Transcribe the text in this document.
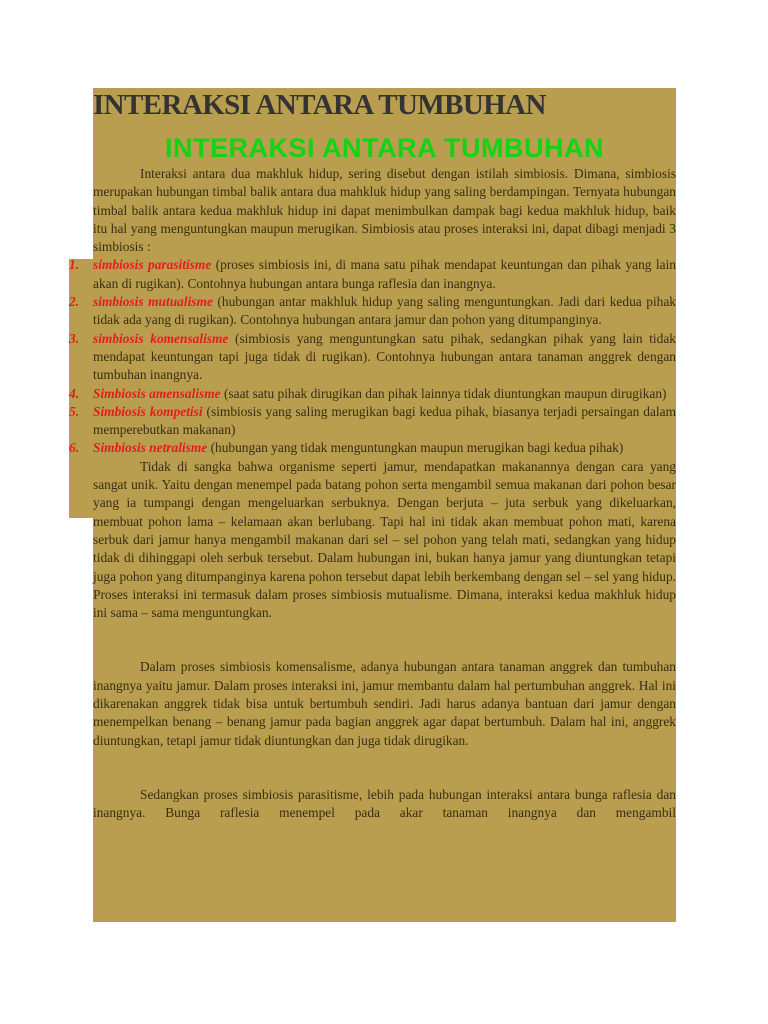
INTERAKSI ANTARA TUMBUHAN
INTERAKSI ANTARA TUMBUHAN

Interaksi antara dua makhluk hidup, sering disebut dengan istilah simbiosis. Dimana, simbiosis merupakan hubungan timbal balik antara dua mahkluk hidup yang saling berdampingan. Ternyata hubungan timbal balik antara kedua makhluk hidup ini dapat menimbulkan dampak bagi kedua makhluk hidup, baik itu hal yang menguntungkan maupun merugikan. Simbiosis atau proses interaksi ini, dapat dibagi menjadi 3 simbiosis :

1. simbiosis parasitisme (proses simbiosis ini, di mana satu pihak mendapat keuntungan dan pihak yang lain akan di rugikan). Contohnya hubungan antara bunga raflesia dan inangnya.
2. simbiosis mutualisme (hubungan antar makhluk hidup yang saling menguntungkan. Jadi dari kedua pihak tidak ada yang di rugikan). Contohnya hubungan antara jamur dan pohon yang ditumpanginya.
3. simbiosis komensalisme (simbiosis yang menguntungkan satu pihak, sedangkan pihak yang lain tidak mendapat keuntungan tapi juga tidak di rugikan). Contohnya hubungan antara tanaman anggrek dengan tumbuhan inangnya.
4. Simbiosis amensalisme (saat satu pihak dirugikan dan pihak lainnya tidak diuntungkan maupun dirugikan)
5. Simbiosis kompetisi (simbiosis yang saling merugikan bagi kedua pihak, biasanya terjadi persaingan dalam memperebutkan makanan)
6. Simbiosis netralisme (hubungan yang tidak menguntungkan maupun merugikan bagi kedua pihak)

Tidak di sangka bahwa organisme seperti jamur, mendapatkan makanannya dengan cara yang sangat unik. Yaitu dengan menempel pada batang pohon serta mengambil semua makanan dari pohon besar yang ia tumpangi dengan mengeluarkan serbuknya. Dengan berjuta – juta serbuk yang dikeluarkan, membuat pohon lama – kelamaan akan berlubang. Tapi hal ini tidak akan membuat pohon mati, karena serbuk dari jamur hanya mengambil makanan dari sel – sel pohon yang telah mati, sedangkan yang hidup tidak di dihinggapi oleh serbuk tersebut. Dalam hubungan ini, bukan hanya jamur yang diuntungkan tetapi juga pohon yang ditumpanginya karena pohon tersebut dapat lebih berkembang dengan sel – sel yang hidup. Proses interaksi ini termasuk dalam proses simbiosis mutualisme. Dimana, interaksi kedua makhluk hidup ini sama – sama menguntungkan.

Dalam proses simbiosis komensalisme, adanya hubungan antara tanaman anggrek dan tumbuhan inangnya yaitu jamur. Dalam proses interaksi ini, jamur membantu dalam hal pertumbuhan anggrek. Hal ini dikarenakan anggrek tidak bisa untuk bertumbuh sendiri. Jadi harus adanya bantuan dari jamur dengan menempelkan benang – benang jamur pada bagian anggrek agar dapat bertumbuh. Dalam hal ini, anggrek diuntungkan, tetapi jamur tidak diuntungkan dan juga tidak dirugikan.

Sedangkan proses simbiosis parasitisme, lebih pada hubungan interaksi antara bunga raflesia dan inangnya. Bunga raflesia menempel pada akar tanaman inangnya dan mengambil
